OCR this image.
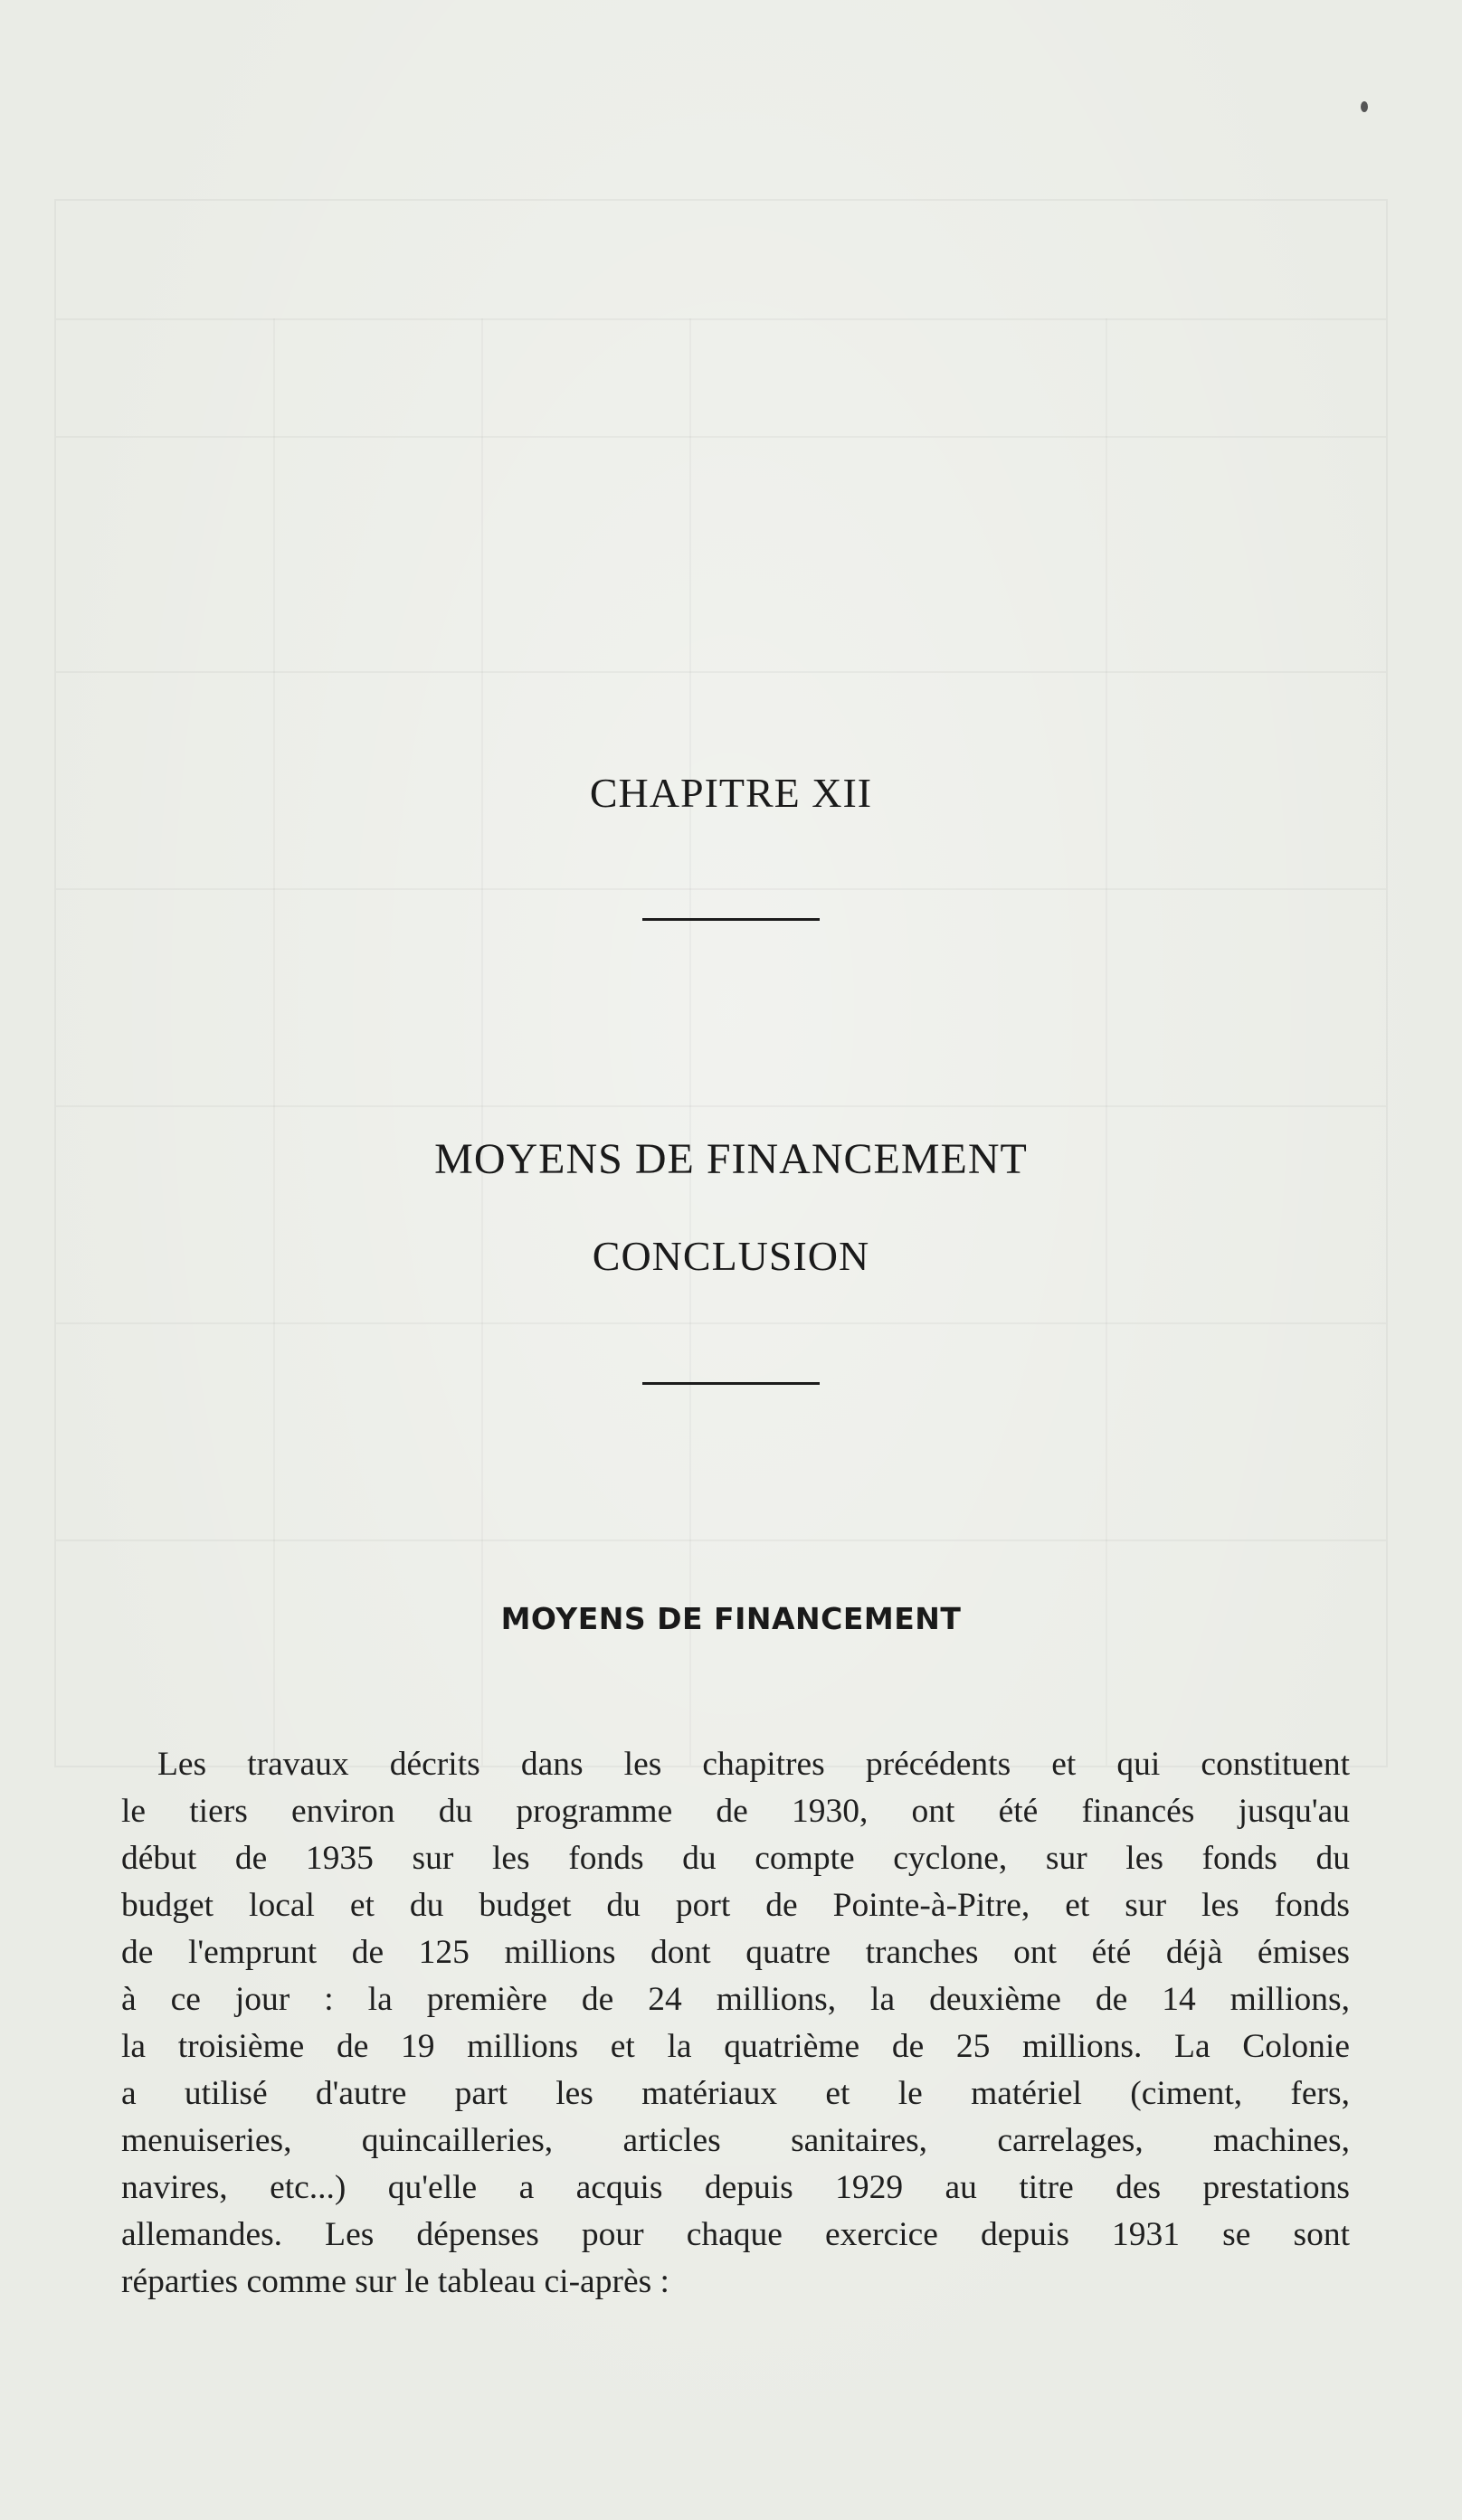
CHAPITRE XII
MOYENS DE FINANCEMENT
CONCLUSION
MOYENS DE FINANCEMENT
Les travaux décrits dans les chapitres précédents et qui constituent
le tiers environ du programme de 1930, ont été financés jusqu'au
début de 1935 sur les fonds du compte cyclone, sur les fonds du
budget local et du budget du port de Pointe-à-Pitre, et sur les fonds
de l'emprunt de 125 millions dont quatre tranches ont été déjà émises
à ce jour : la première de 24 millions, la deuxième de 14 millions,
la troisième de 19 millions et la quatrième de 25 millions. La Colonie
a utilisé d'autre part les matériaux et le matériel (ciment, fers,
menuiseries, quincailleries, articles sanitaires, carrelages, machines,
navires, etc...) qu'elle a acquis depuis 1929 au titre des prestations
allemandes. Les dépenses pour chaque exercice depuis 1931 se sont
réparties comme sur le tableau ci-après :
